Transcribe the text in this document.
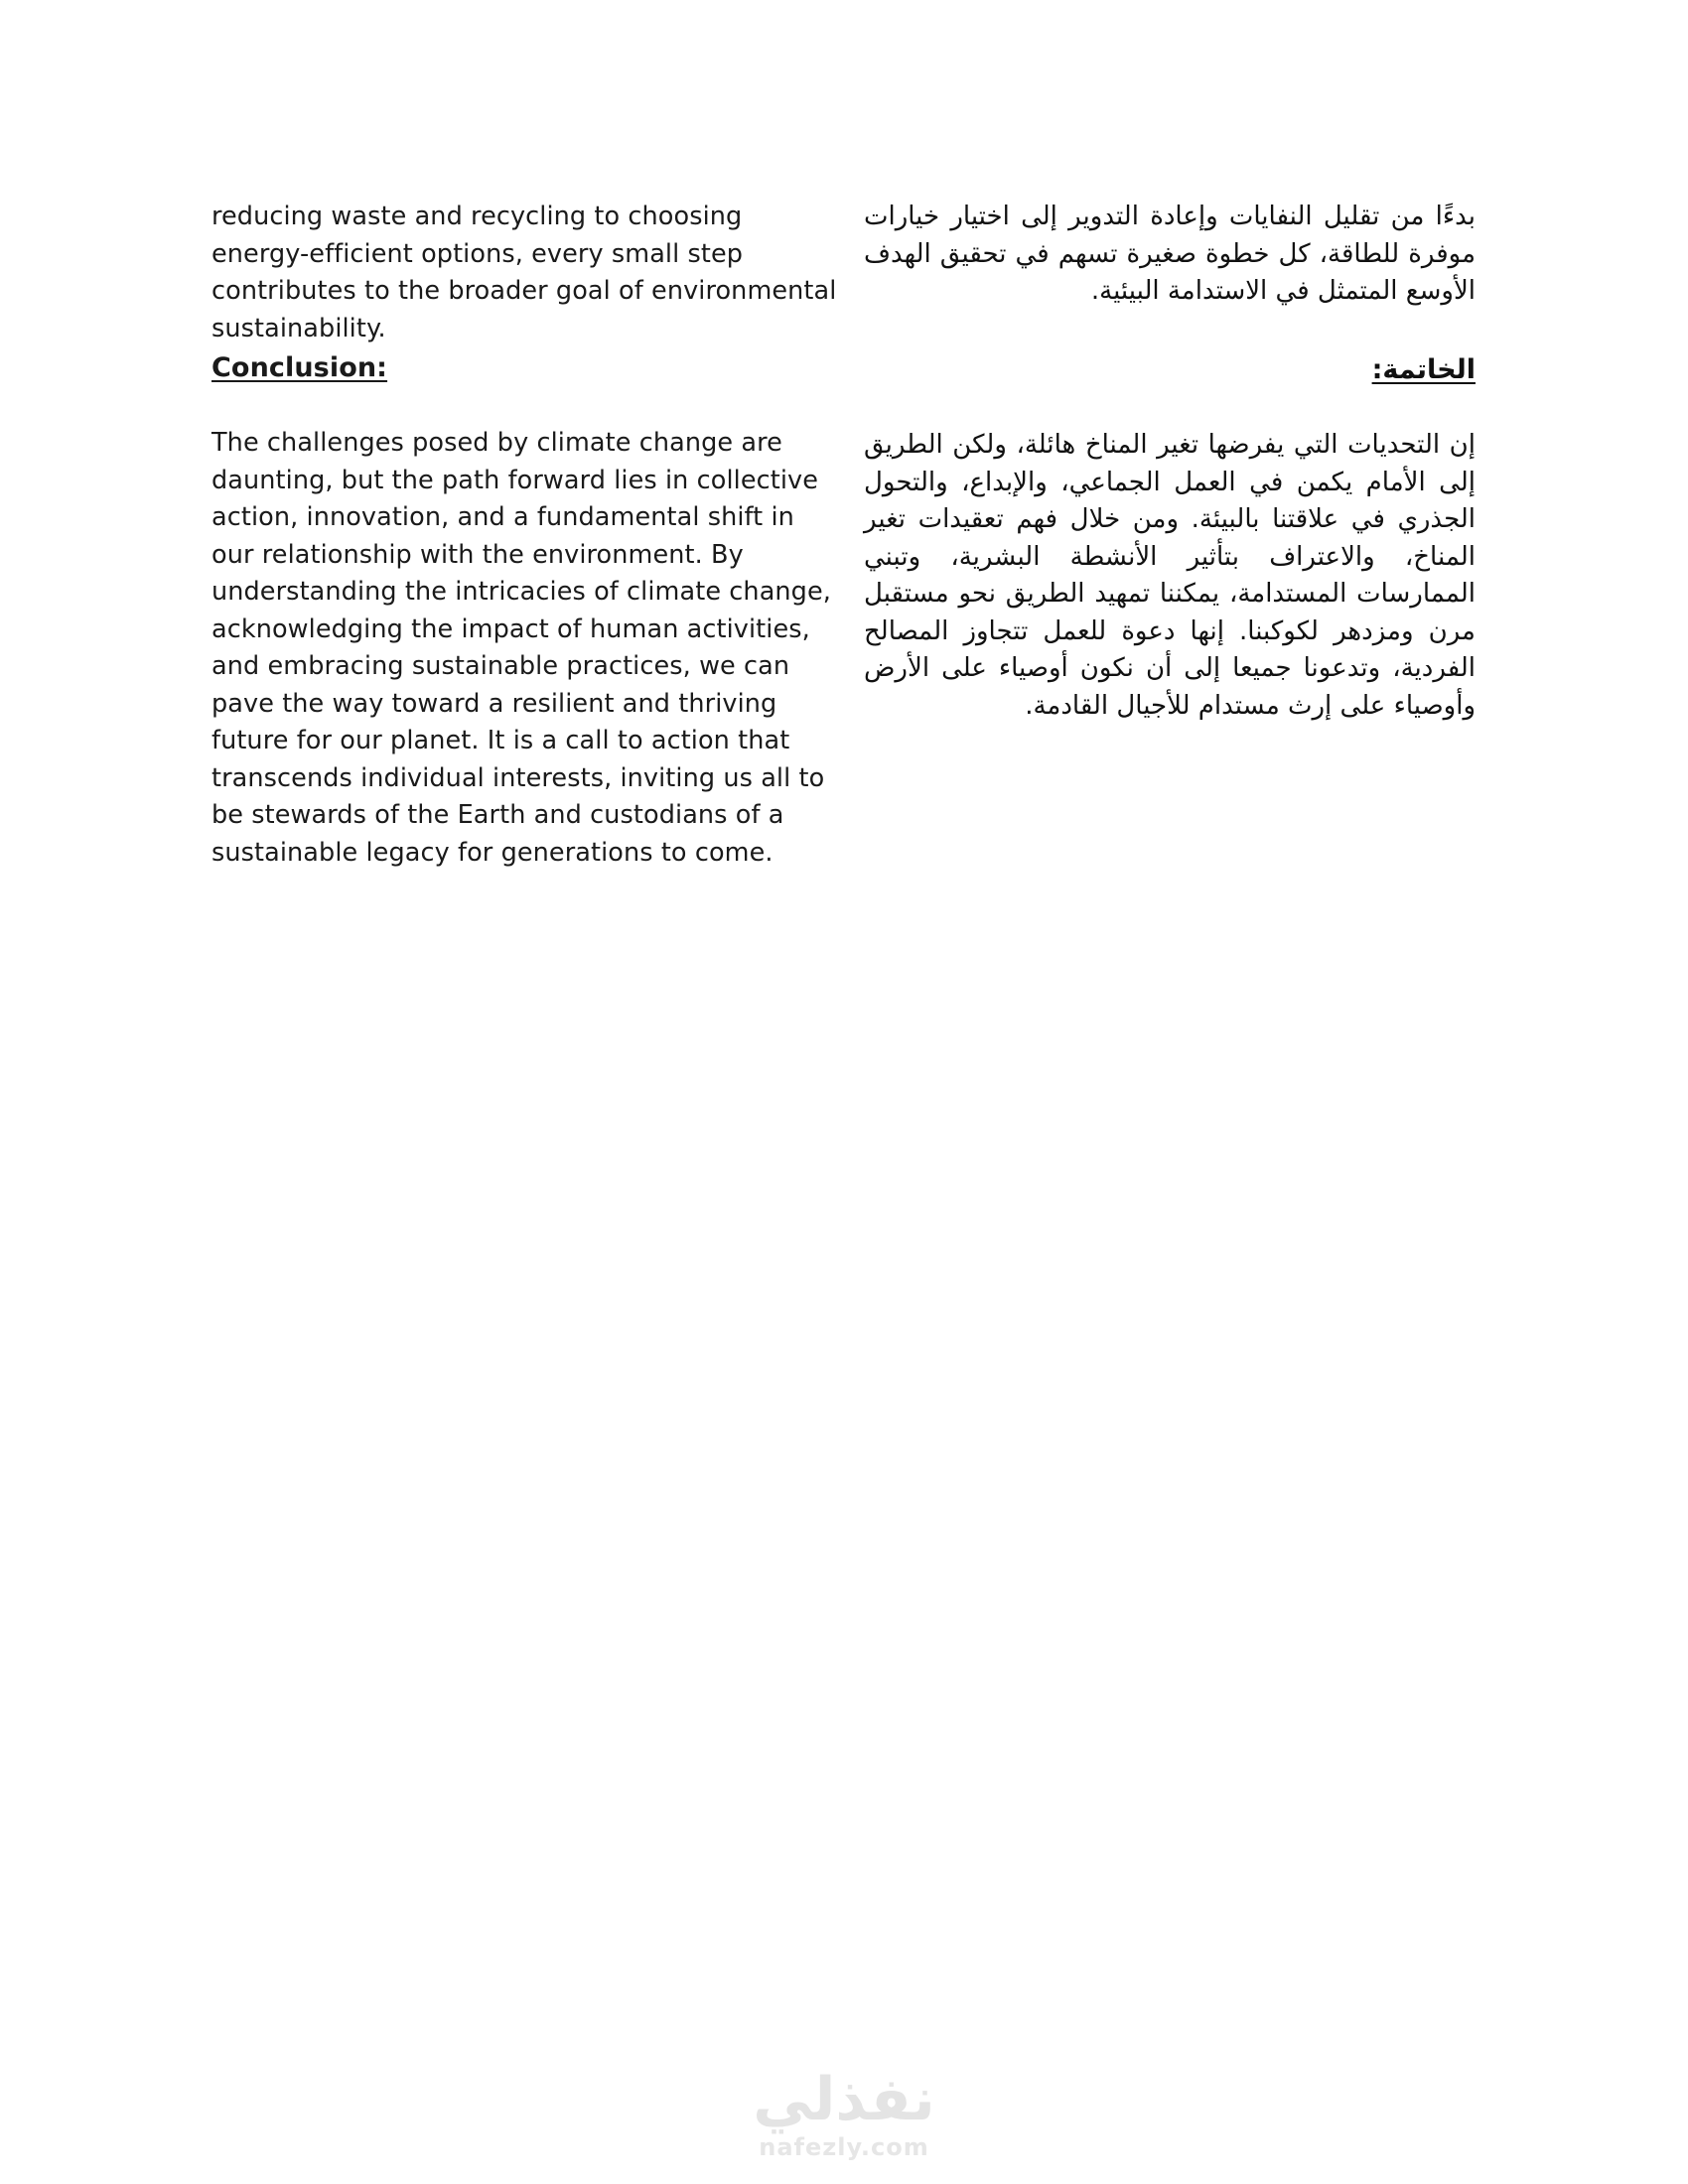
reducing waste and recycling to choosing energy-efficient options, every small step contributes to the broader goal of environmental sustainability.

Conclusion:

The challenges posed by climate change are daunting, but the path forward lies in collective action, innovation, and a fundamental shift in our relationship with the environment. By understanding the intricacies of climate change, acknowledging the impact of human activities, and embracing sustainable practices, we can pave the way toward a resilient and thriving future for our planet. It is a call to action that transcends individual interests, inviting us all to be stewards of the Earth and custodians of a sustainable legacy for generations to come.

بدءًا من تقليل النفايات وإعادة التدوير إلى اختيار خيارات موفرة للطاقة، كل خطوة صغيرة تسهم في تحقيق الهدف الأوسع المتمثل في الاستدامة البيئية.

الخاتمة:

إن التحديات التي يفرضها تغير المناخ هائلة، ولكن الطريق إلى الأمام يكمن في العمل الجماعي، والإبداع، والتحول الجذري في علاقتنا بالبيئة. ومن خلال فهم تعقيدات تغير المناخ، والاعتراف بتأثير الأنشطة البشرية، وتبني الممارسات المستدامة، يمكننا تمهيد الطريق نحو مستقبل مرن ومزدهر لكوكبنا. إنها دعوة للعمل تتجاوز المصالح الفردية، وتدعونا جميعا إلى أن نكون أوصياء على الأرض وأوصياء على إرث مستدام للأجيال القادمة.

نفذلي
nafezly.com
